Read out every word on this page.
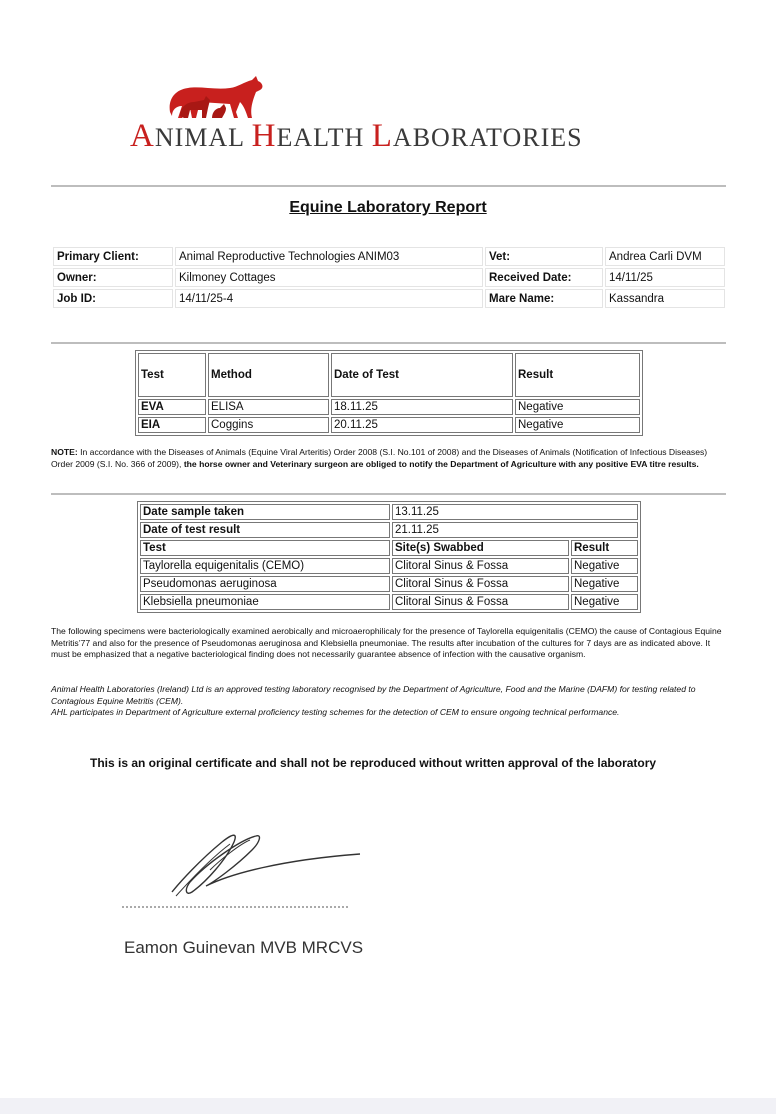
ANIMAL HEALTH LABORATORIES
Equine Laboratory Report
Primary Client:	Animal Reproductive Technologies ANIM03	Vet:	Andrea Carli DVM
Owner:	Kilmoney Cottages	Received Date:	14/11/25
Job ID:	14/11/25-4	Mare Name:	Kassandra
Test	Method	Date of Test	Result
EVA	ELISA	18.11.25	Negative
EIA	Coggins	20.11.25	Negative
NOTE: In accordance with the Diseases of Animals (Equine Viral Arteritis) Order 2008 (S.I. No.101 of 2008) and the Diseases of Animals (Notification of Infectious Diseases) Order 2009 (S.I. No. 366 of 2009), the horse owner and Veterinary surgeon are obliged to notify the Department of Agriculture with any positive EVA titre results.
Date sample taken	13.11.25	
Date of test result	21.11.25	
Test	Site(s) Swabbed	Result
Taylorella equigenitalis (CEMO)	Clitoral Sinus & Fossa	Negative
Pseudomonas aeruginosa	Clitoral Sinus & Fossa	Negative
Klebsiella pneumoniae	Clitoral Sinus & Fossa	Negative
The following specimens were bacteriologically examined aerobically and microaerophilicaly for the presence of Taylorella equigenitalis (CEMO) the cause of Contagious Equine Metritis’77 and also for the presence of Pseudomonas aeruginosa and Klebsiella pneumoniae. The results after incubation of the cultures for 7 days are as indicated above. It must be emphasized that a negative bacteriological finding does not necessarily guarantee absence of infection with the causative organism.
Animal Health Laboratories (Ireland) Ltd is an approved testing laboratory recognised by the Department of Agriculture, Food and the Marine (DAFM) for testing related to Contagious Equine Metritis (CEM).
AHL participates in Department of Agriculture external proficiency testing schemes for the detection of CEM to ensure ongoing technical performance.
This is an original certificate and shall not be reproduced without written approval of the laboratory
Eamon Guinevan MVB MRCVS
